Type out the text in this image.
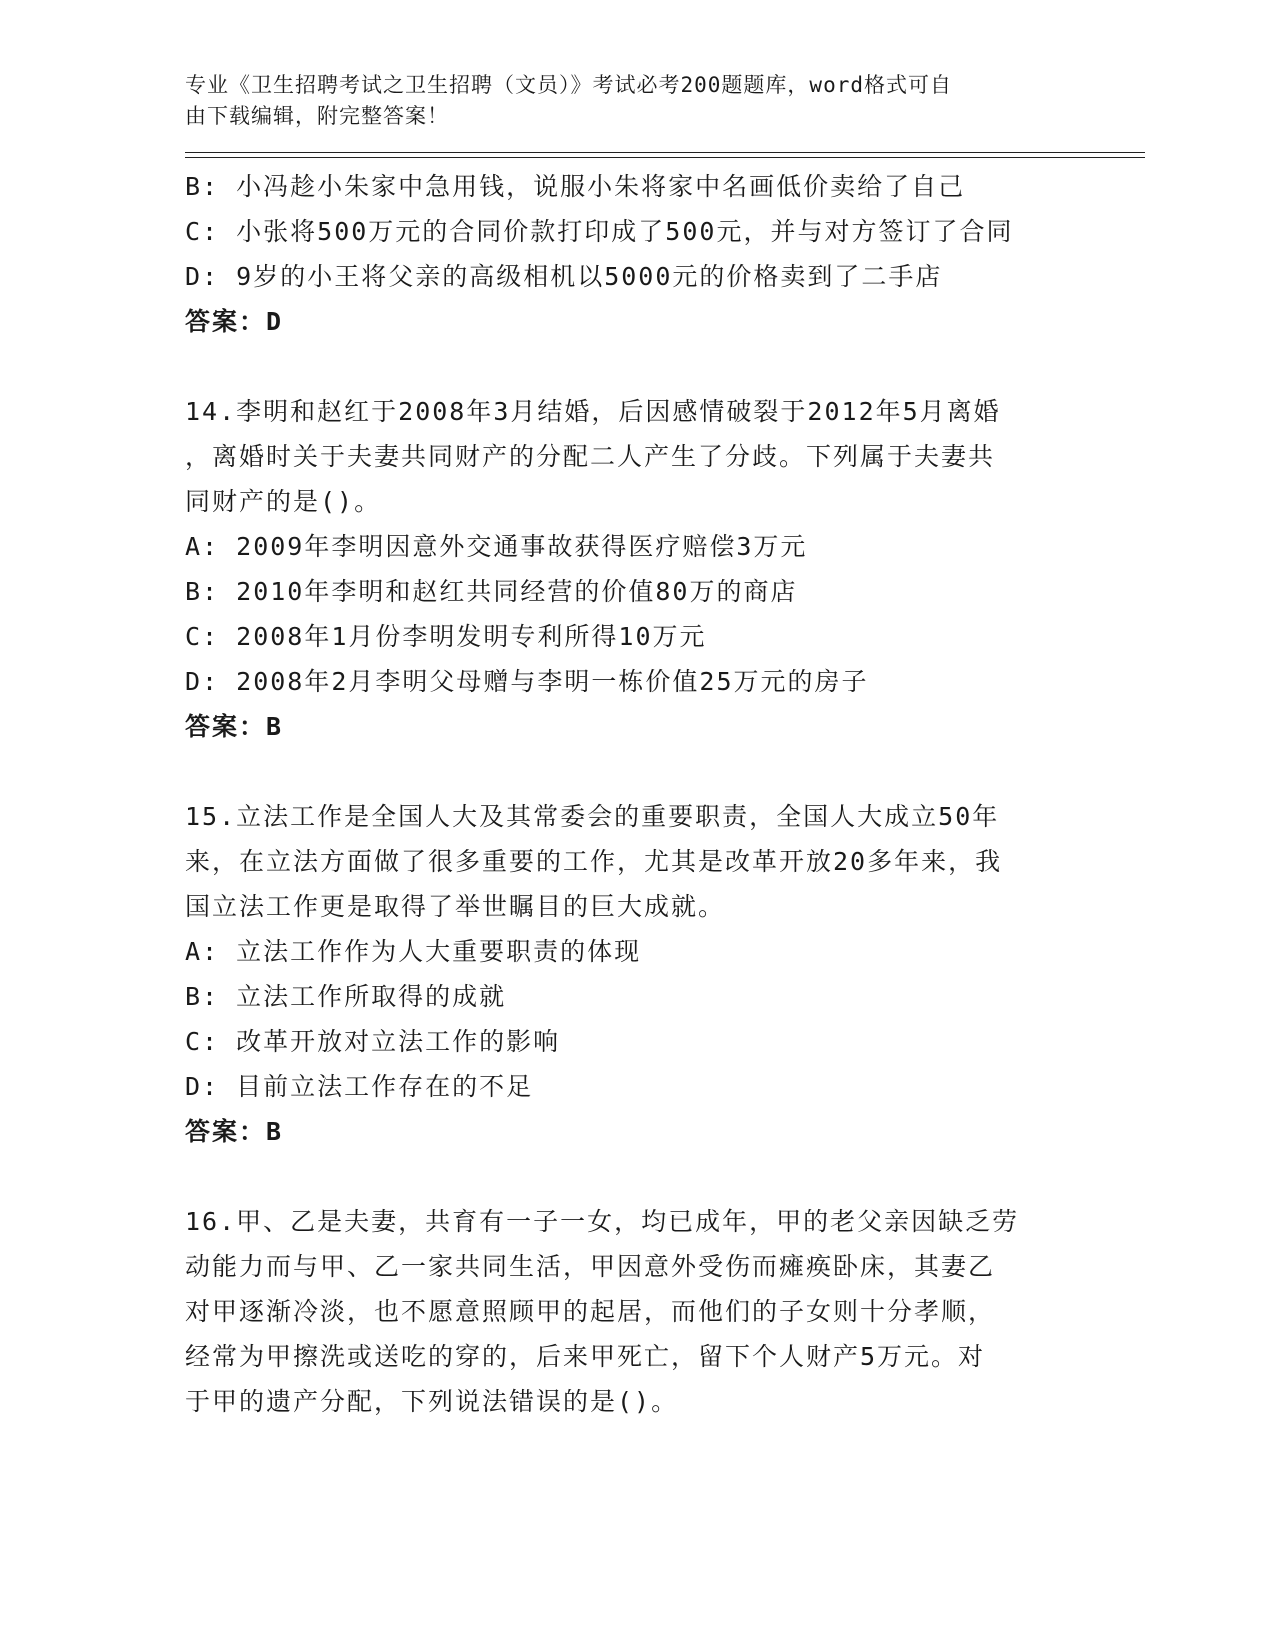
专业《卫生招聘考试之卫生招聘（文员）》考试必考200题题库，word格式可自

由下载编辑，附完整答案！

B: 小冯趁小朱家中急用钱，说服小朱将家中名画低价卖给了自己

C: 小张将500万元的合同价款打印成了500元，并与对方签订了合同

D: 9岁的小王将父亲的高级相机以5000元的价格卖到了二手店

答案：D

14.李明和赵红于2008年3月结婚，后因感情破裂于2012年5月离婚

，离婚时关于夫妻共同财产的分配二人产生了分歧。下列属于夫妻共

同财产的是()。

A: 2009年李明因意外交通事故获得医疗赔偿3万元

B: 2010年李明和赵红共同经营的价值80万的商店

C: 2008年1月份李明发明专利所得10万元

D: 2008年2月李明父母赠与李明一栋价值25万元的房子

答案：B

15.立法工作是全国人大及其常委会的重要职责，全国人大成立50年

来，在立法方面做了很多重要的工作，尤其是改革开放20多年来，我

国立法工作更是取得了举世瞩目的巨大成就。

A: 立法工作作为人大重要职责的体现

B: 立法工作所取得的成就

C: 改革开放对立法工作的影响

D: 目前立法工作存在的不足

答案：B

16.甲、乙是夫妻，共育有一子一女，均已成年，甲的老父亲因缺乏劳

动能力而与甲、乙一家共同生活，甲因意外受伤而瘫痪卧床，其妻乙

对甲逐渐冷淡，也不愿意照顾甲的起居，而他们的子女则十分孝顺，

经常为甲擦洗或送吃的穿的，后来甲死亡，留下个人财产5万元。对

于甲的遗产分配，下列说法错误的是()。
